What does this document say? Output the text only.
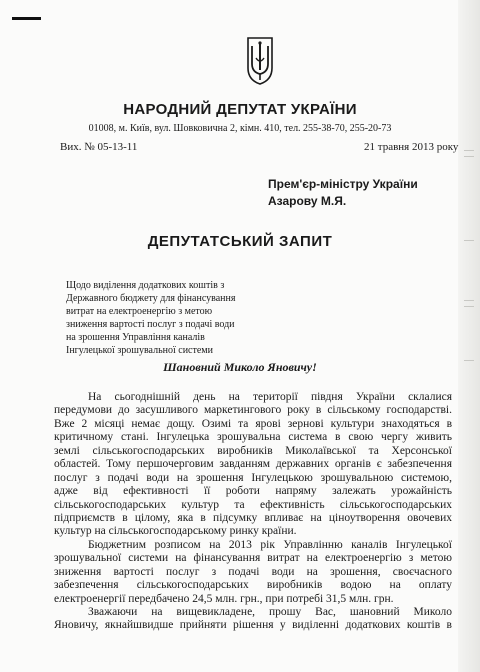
НАРОДНИЙ ДЕПУТАТ УКРАЇНИ
01008, м. Київ, вул. Шовковична 2, кімн. 410, тел. 255-38-70, 255-20-73
Вих. № 05-13-11	21 травня 2013 року
Прем'єр-міністру України
Азарову М.Я.
ДЕПУТАТСЬКИЙ ЗАПИТ
Щодо виділення додаткових коштів з
Державного бюджету для фінансування
витрат на електроенергію з метою
зниження вартості послуг з подачі води
на зрошення Управління каналів
Інгулецької зрошувальної системи
Шановний Миколо Яновичу!
На сьогоднішній день на території півдня України склалися
передумови до засушливого маркетингового року в сільському господарстві.
Вже 2 місяці немає дощу. Озимі та ярові зернові культури знаходяться в
критичному стані. Інгулецька зрошувальна система в свою чергу живить
землі сільськогосподарських виробників Миколаївської та Херсонської
областей. Тому першочерговим завданням державних органів є забезпечення
послуг з подачі води на зрошення Інгулецькою зрошувальною системою,
адже від ефективності її роботи напряму залежать урожайність
сільськогосподарських культур та ефективність сільськогосподарських
підприємств в цілому, яка в підсумку впливає на ціноутворення овочевих
культур на сільськогосподарському ринку країни.
Бюджетним розписом на 2013 рік Управлінню каналів Інгулецької
зрошувальної системи на фінансування витрат на електроенергію з метою
зниження вартості послуг з подачі води на зрошення, своєчасного
забезпечення сільськогосподарських виробників водою на оплату
електроенергії передбачено 24,5 млн. грн., при потребі 31,5 млн. грн.
Зважаючи на вищевикладене, прошу Вас, шановний Миколо
Яновичу, якнайшвидше прийняти рішення у виділенні додаткових коштів в
